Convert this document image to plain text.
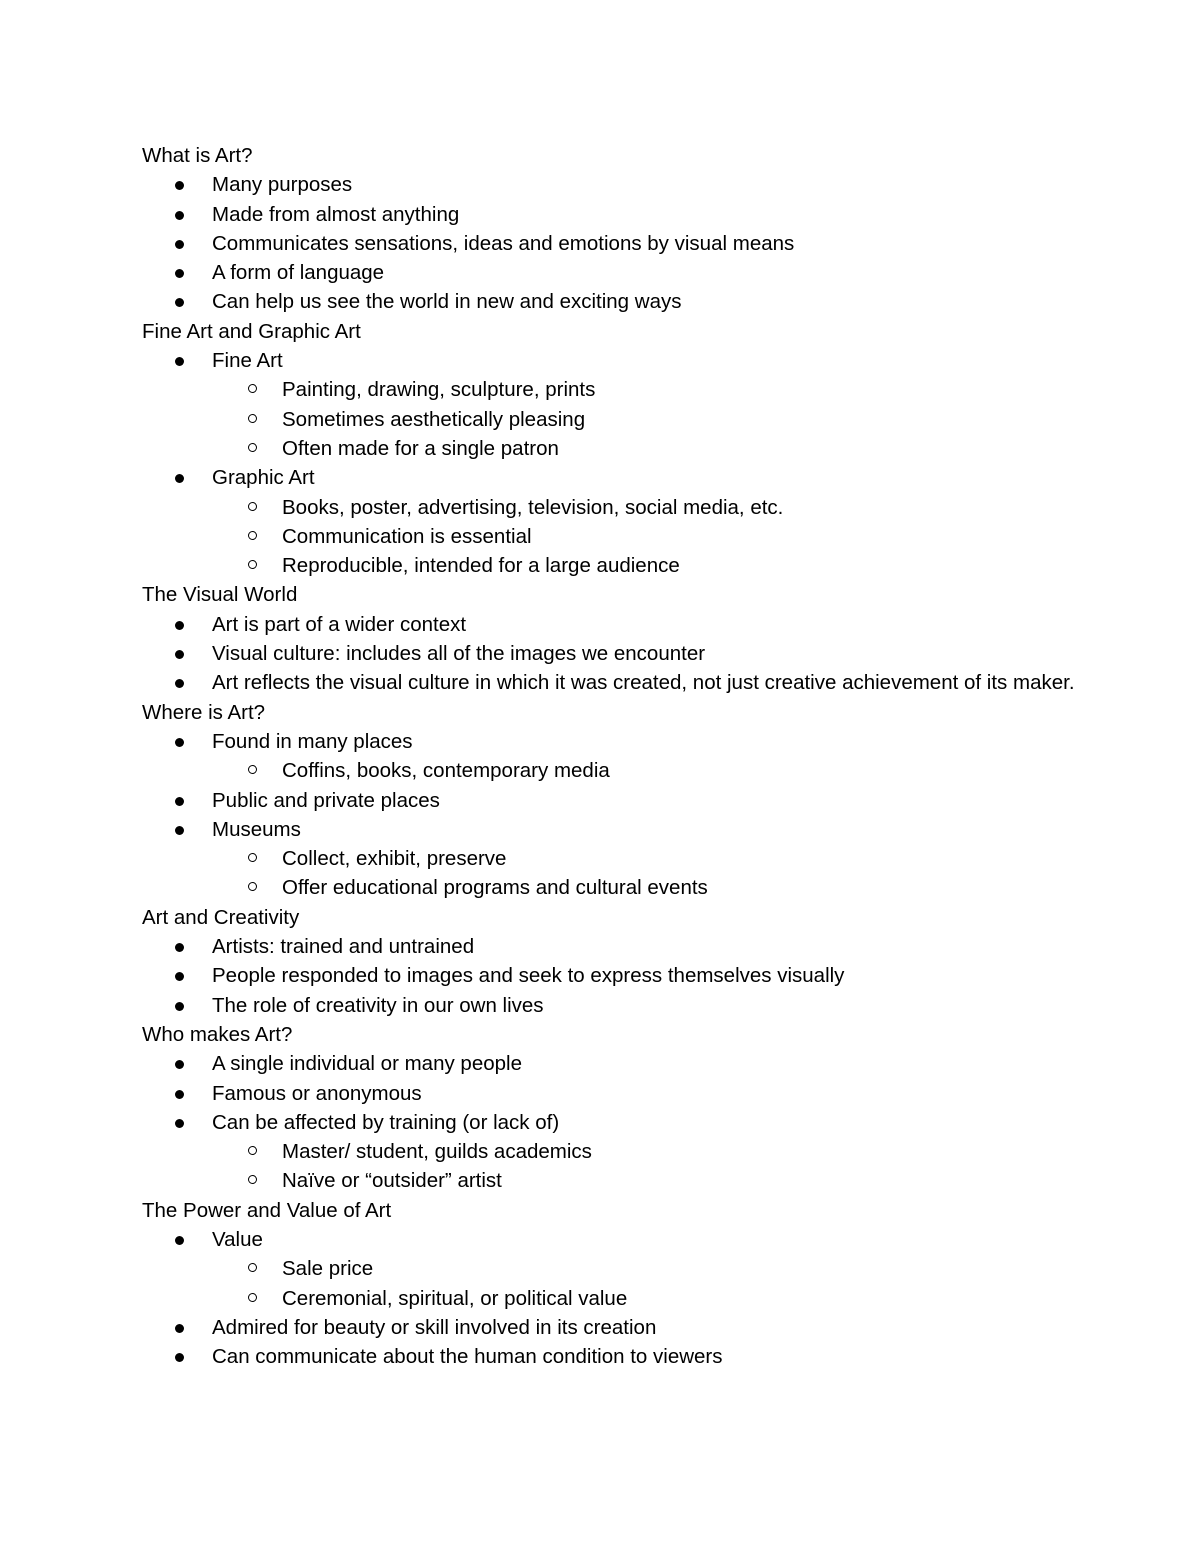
What is Art?
Many purposes
Made from almost anything
Communicates sensations, ideas and emotions by visual means
A form of language
Can help us see the world in new and exciting ways
Fine Art and Graphic Art
Fine Art
Painting, drawing, sculpture, prints
Sometimes aesthetically pleasing
Often made for a single patron
Graphic Art
Books, poster, advertising, television, social media, etc.
Communication is essential
Reproducible, intended for a large audience
The Visual World
Art is part of a wider context
Visual culture: includes all of the images we encounter
Art reflects the visual culture in which it was created, not just creative achievement of its maker.
Where is Art?
Found in many places
Coffins, books, contemporary media
Public and private places
Museums
Collect, exhibit, preserve
Offer educational programs and cultural events
Art and Creativity
Artists: trained and untrained
People responded to images and seek to express themselves visually
The role of creativity in our own lives
Who makes Art?
A single individual or many people
Famous or anonymous
Can be affected by training (or lack of)
Master/ student, guilds academics
Naïve or “outsider” artist
The Power and Value of Art
Value
Sale price
Ceremonial, spiritual, or political value
Admired for beauty or skill involved in its creation
Can communicate about the human condition to viewers
